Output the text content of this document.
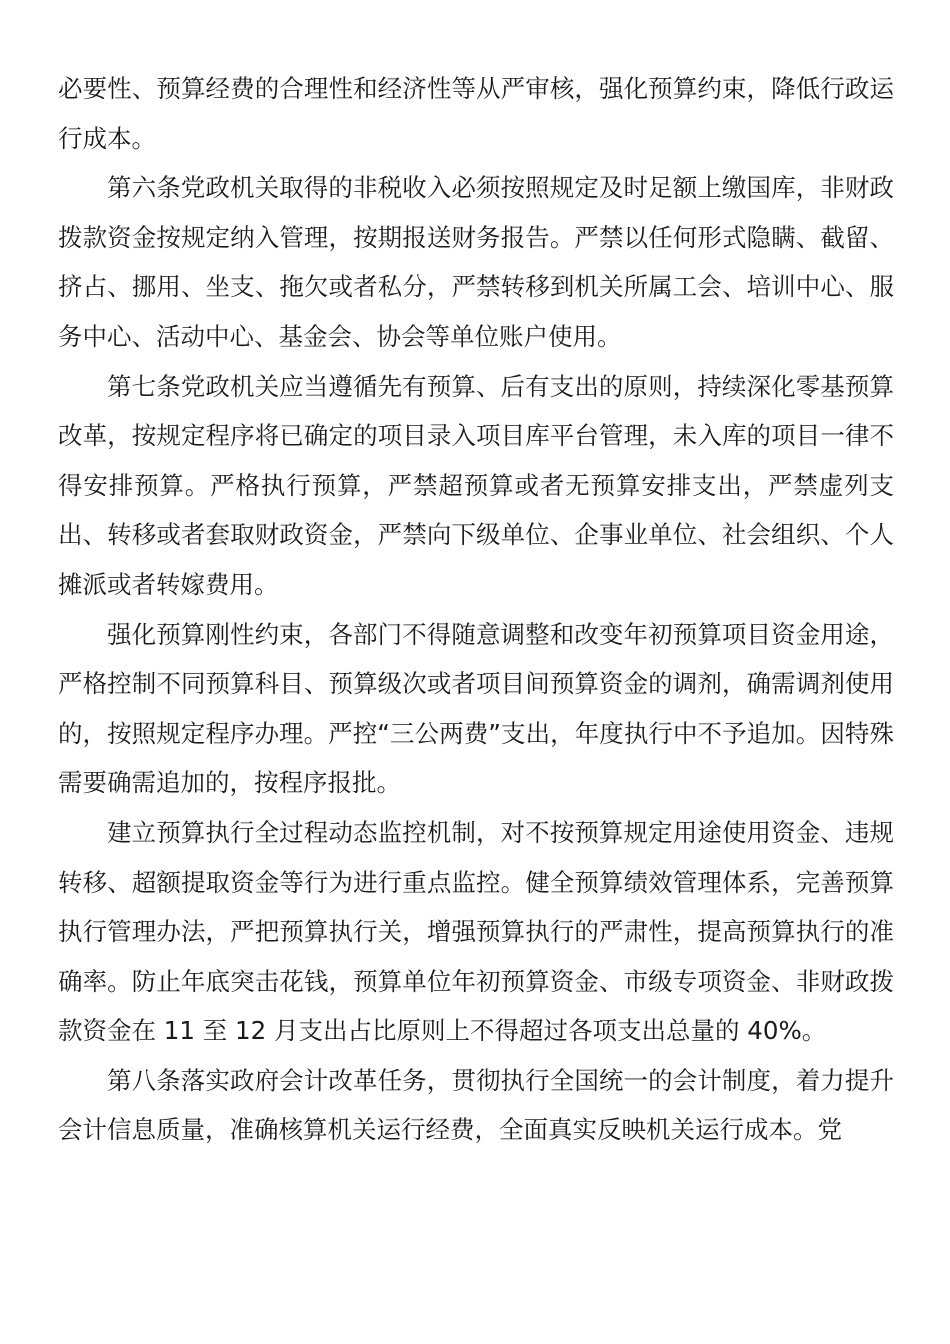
必要性、预算经费的合理性和经济性等从严审核，强化预算约束，降低行政运行成本。

第六条党政机关取得的非税收入必须按照规定及时足额上缴国库，非财政拨款资金按规定纳入管理，按期报送财务报告。严禁以任何形式隐瞒、截留、挤占、挪用、坐支、拖欠或者私分，严禁转移到机关所属工会、培训中心、服务中心、活动中心、基金会、协会等单位账户使用。

第七条党政机关应当遵循先有预算、后有支出的原则，持续深化零基预算改革，按规定程序将已确定的项目录入项目库平台管理，未入库的项目一律不得安排预算。严格执行预算，严禁超预算或者无预算安排支出，严禁虚列支出、转移或者套取财政资金，严禁向下级单位、企事业单位、社会组织、个人摊派或者转嫁费用。

强化预算刚性约束，各部门不得随意调整和改变年初预算项目资金用途，严格控制不同预算科目、预算级次或者项目间预算资金的调剂，确需调剂使用的，按照规定程序办理。严控“三公两费”支出，年度执行中不予追加。因特殊需要确需追加的，按程序报批。

建立预算执行全过程动态监控机制，对不按预算规定用途使用资金、违规转移、超额提取资金等行为进行重点监控。健全预算绩效管理体系，完善预算执行管理办法，严把预算执行关，增强预算执行的严肃性，提高预算执行的准确率。防止年底突击花钱，预算单位年初预算资金、市级专项资金、非财政拨款资金在 11 至 12 月支出占比原则上不得超过各项支出总量的 40%。

第八条落实政府会计改革任务，贯彻执行全国统一的会计制度，着力提升会计信息质量，准确核算机关运行经费，全面真实反映机关运行成本。党
